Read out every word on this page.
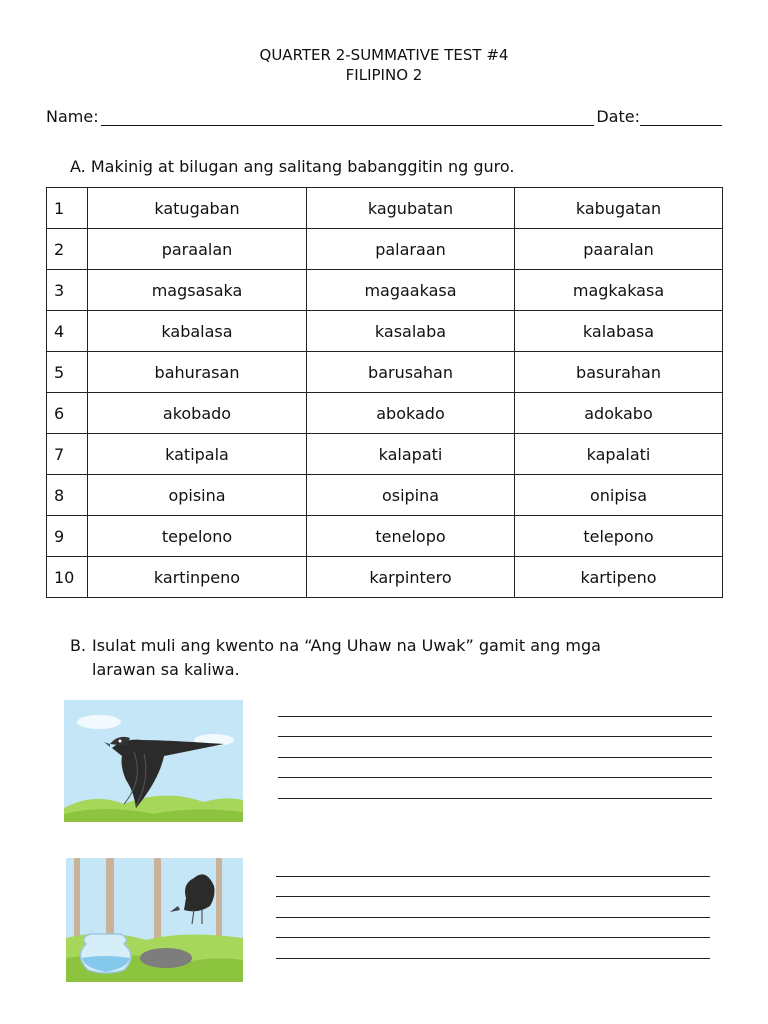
QUARTER 2-SUMMATIVE TEST #4
FILIPINO 2
Name:	Date:
A. Makinig at bilugan ang salitang babanggitin ng guro.
1	katugaban	kagubatan	kabugatan
2	paraalan	palaraan	paaralan
3	magsasaka	magaakasa	magkakasa
4	kabalasa	kasalaba	kalabasa
5	bahurasan	barusahan	basurahan
6	akobado	abokado	adokabo
7	katipala	kalapati	kapalati
8	opisina	osipina	onipisa
9	tepelono	tenelopo	telepono
10	kartinpeno	karpintero	kartipeno
B. Isulat muli ang kwento na “Ang Uhaw na Uwak” gamit ang mga
larawan sa kaliwa.
